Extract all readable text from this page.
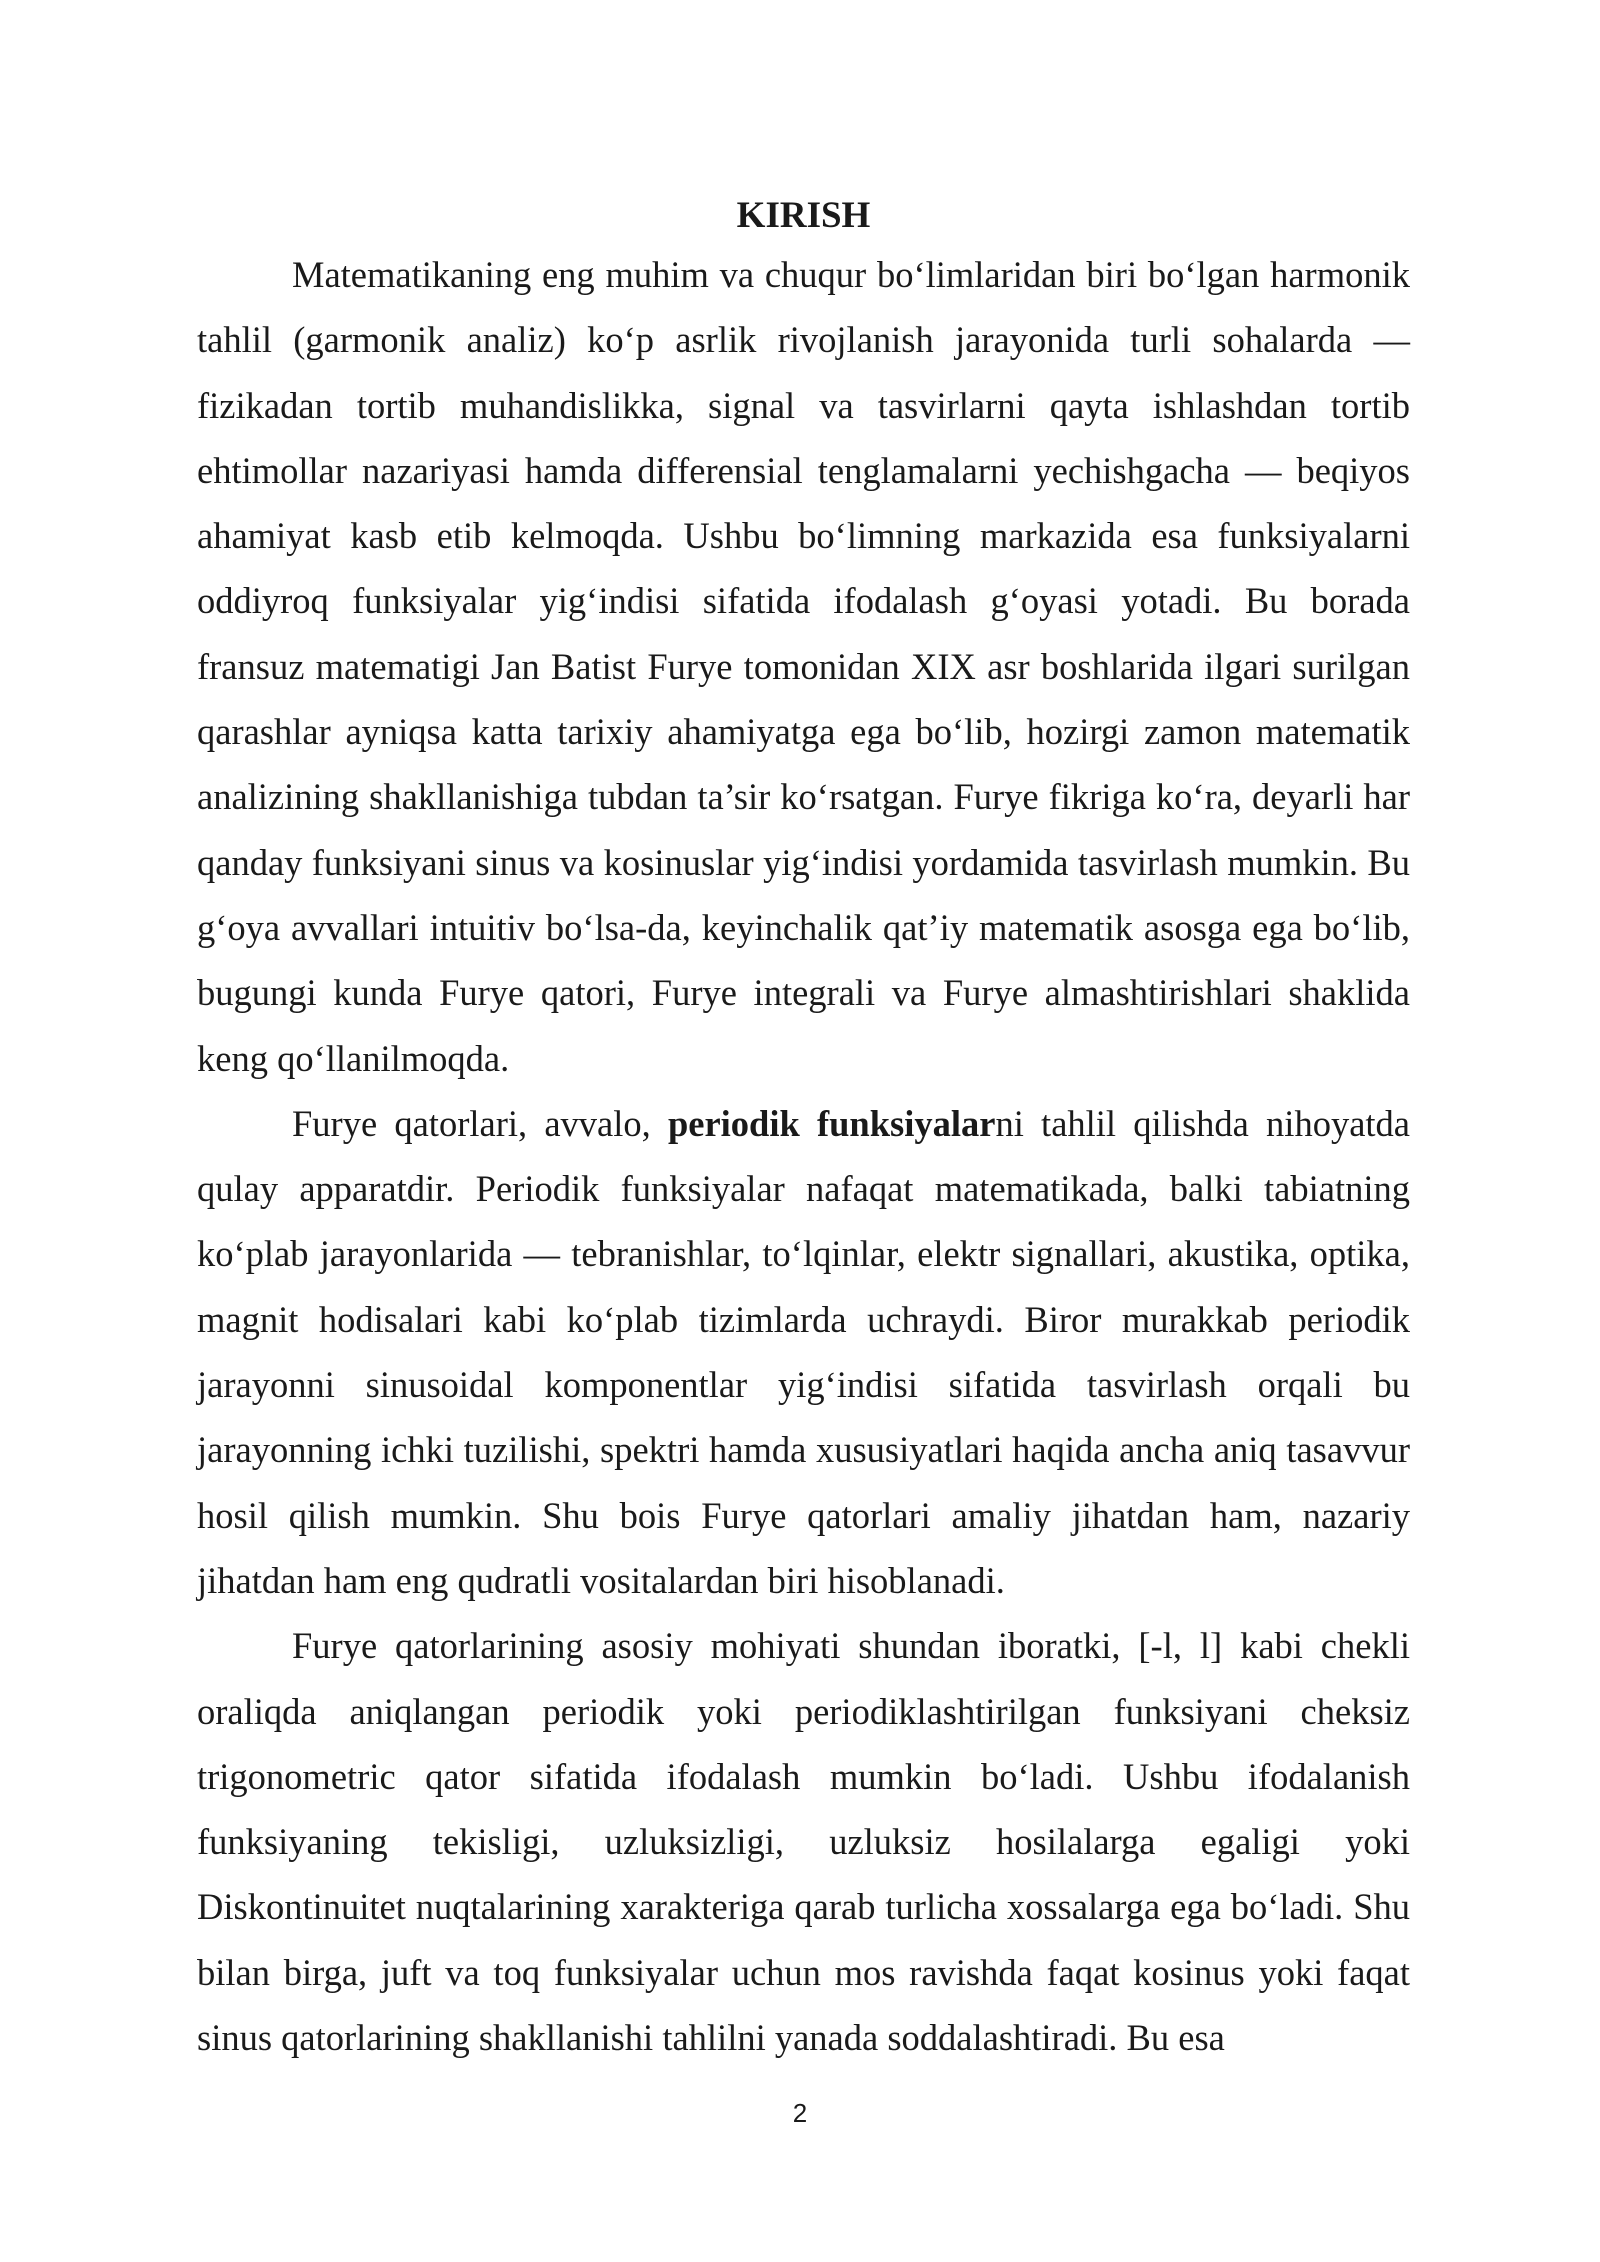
KIRISH

Matematikaning eng muhim va chuqur bo‘limlaridan biri bo‘lgan harmonik tahlil (garmonik analiz) ko‘p asrlik rivojlanish jarayonida turli sohalarda — fizikadan tortib muhandislikka, signal va tasvirlarni qayta ishlashdan tortib ehtimollar nazariyasi hamda differensial tenglamalarni yechishgacha — beqiyos ahamiyat kasb etib kelmoqda. Ushbu bo‘limning markazida esa funksiyalarni oddiyroq funksiyalar yig‘indisi sifatida ifodalash g‘oyasi yotadi. Bu borada fransuz matematigi Jan Batist Furye tomonidan XIX asr boshlarida ilgari surilgan qarashlar ayniqsa katta tarixiy ahamiyatga ega bo‘lib, hozirgi zamon matematik analizining shakllanishiga tubdan ta’sir ko‘rsatgan. Furye fikriga ko‘ra, deyarli har qanday funksiyani sinus va kosinuslar yig‘indisi yordamida tasvirlash mumkin. Bu g‘oya avvallari intuitiv bo‘lsa-da, keyinchalik qat’iy matematik asosga ega bo‘lib, bugungi kunda Furye qatori, Furye integrali va Furye almashtirishlari shaklida keng qo‘llanilmoqda.

Furye qatorlari, avvalo, periodik funksiyalarni tahlil qilishda nihoyatda qulay apparatdir. Periodik funksiyalar nafaqat matematikada, balki tabiatning ko‘plab jarayonlarida — tebranishlar, to‘lqinlar, elektr signallari, akustika, optika, magnit hodisalari kabi ko‘plab tizimlarda uchraydi. Biror murakkab periodik jarayonni sinusoidal komponentlar yig‘indisi sifatida tasvirlash orqali bu jarayonning ichki tuzilishi, spektri hamda xususiyatlari haqida ancha aniq tasavvur hosil qilish mumkin. Shu bois Furye qatorlari amaliy jihatdan ham, nazariy jihatdan ham eng qudratli vositalardan biri hisoblanadi.

Furye qatorlarining asosiy mohiyati shundan iboratki, [-l, l] kabi chekli oraliqda aniqlangan periodik yoki periodiklashtirilgan funksiyani cheksiz trigonometric qator sifatida ifodalash mumkin bo‘ladi. Ushbu ifodalanish funksiyaning tekisligi, uzluksizligi, uzluksiz hosilalarga egaligi yoki Diskontinuitet nuqtalarining xarakteriga qarab turlicha xossalarga ega bo‘ladi. Shu bilan birga, juft va toq funksiyalar uchun mos ravishda faqat kosinus yoki faqat sinus qatorlarining shakllanishi tahlilni yanada soddalashtiradi. Bu esa

2
